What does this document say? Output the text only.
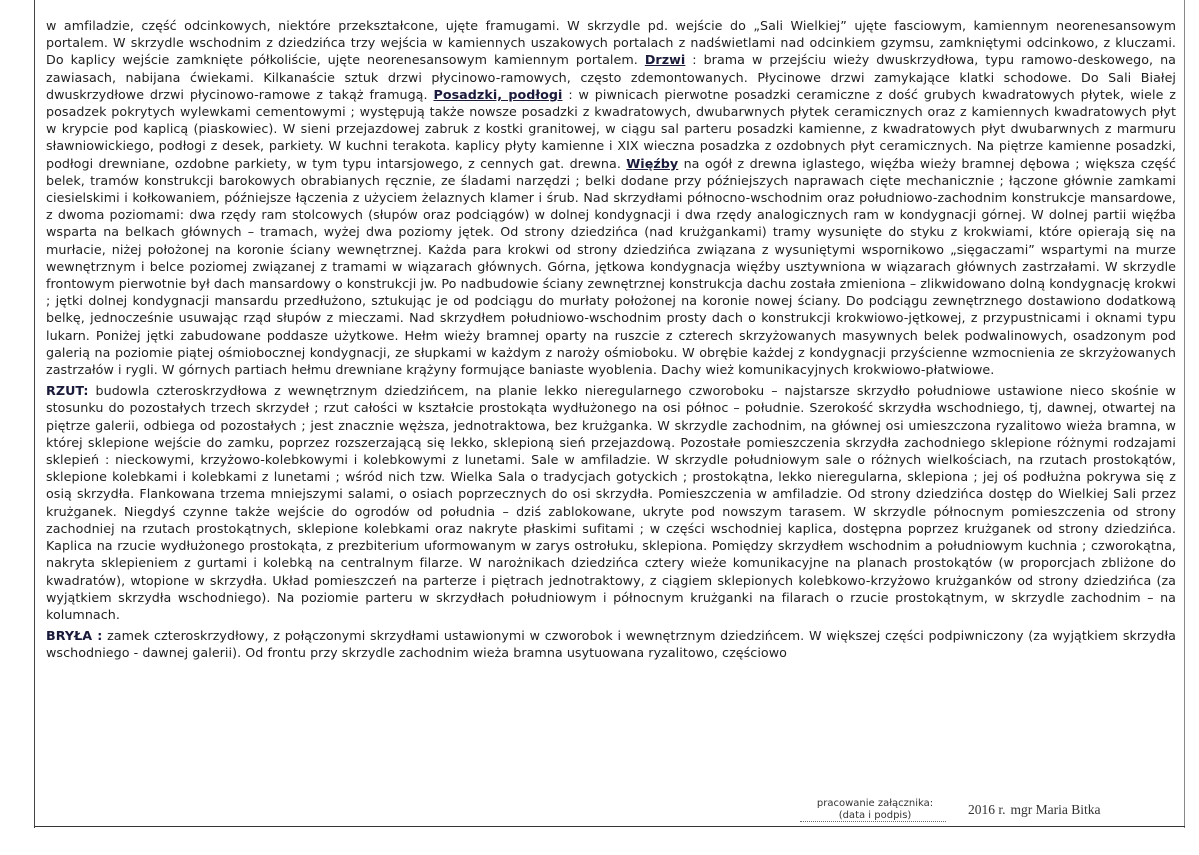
w amfiladzie, część odcinkowych, niektóre przekształcone, ujęte framugami. W skrzydle pd. wejście do „Sali Wielkiej” ujęte fasciowym, kamiennym neorenesansowym portalem. W skrzydle wschodnim z dziedzińca trzy wejścia w kamiennych uszakowych portalach z nadświetlami nad odcinkiem gzymsu, zamkniętymi odcinkowo, z kluczami. Do kaplicy wejście zamknięte półkoliście, ujęte neorenesansowym kamiennym portalem. Drzwi : brama w przejściu wieży dwuskrzydłowa, typu ramowo-deskowego, na zawiasach, nabijana ćwiekami. Kilkanaście sztuk drzwi płycinowo-ramowych, często zdemontowanych. Płycinowe drzwi zamykające klatki schodowe. Do Sali Białej dwuskrzydłowe drzwi płycinowo-ramowe z takąż framugą. Posadzki, podłogi : w piwnicach pierwotne posadzki ceramiczne z dość grubych kwadratowych płytek, wiele z posadzek pokrytych wylewkami cementowymi ; występują także nowsze posadzki z kwadratowych, dwubarwnych płytek ceramicznych oraz z kamiennych kwadratowych płyt w krypcie pod kaplicą (piaskowiec). W sieni przejazdowej zabruk z kostki granitowej, w ciągu sal parteru posadzki kamienne, z kwadratowych płyt dwubarwnych z marmuru sławniowickiego, podłogi z desek, parkiety. W kuchni terakota. kaplicy płyty kamienne i XIX wieczna posadzka z ozdobnych płyt ceramicznych. Na piętrze kamienne posadzki, podłogi drewniane, ozdobne parkiety, w tym typu intarsjowego, z cennych gat. drewna. Więźby na ogół z drewna iglastego, więźba wieży bramnej dębowa ; większa część belek, tramów konstrukcji barokowych obrabianych ręcznie, ze śladami narzędzi ; belki dodane przy późniejszych naprawach cięte mechanicznie ; łączone głównie zamkami ciesielskimi i kołkowaniem, późniejsze łączenia z użyciem żelaznych klamer i śrub. Nad skrzydłami północno-wschodnim oraz południowo-zachodnim konstrukcje mansardowe, z dwoma poziomami: dwa rzędy ram stolcowych (słupów oraz podciągów) w dolnej kondygnacji i dwa rzędy analogicznych ram w kondygnacji górnej. W dolnej partii więźba wsparta na belkach głównych – tramach, wyżej dwa poziomy jętek. Od strony dziedzińca (nad krużgankami) tramy wysunięte do styku z krokwiami, które opierają się na murłacie, niżej położonej na koronie ściany wewnętrznej. Każda para krokwi od strony dziedzińca związana z wysuniętymi wspornikowo „sięgaczami” wspartymi na murze wewnętrznym i belce poziomej związanej z tramami w wiązarach głównych. Górna, jętkowa kondygnacja więźby usztywniona w wiązarach głównych zastrzałami. W skrzydle frontowym pierwotnie był dach mansardowy o konstrukcji jw. Po nadbudowie ściany zewnętrznej konstrukcja dachu została zmieniona – zlikwidowano dolną kondygnację krokwi ; jętki dolnej kondygnacji mansardu przedłużono, sztukując je od podciągu do murłaty położonej na koronie nowej ściany. Do podciągu zewnętrznego dostawiono dodatkową belkę, jednocześnie usuwając rząd słupów z mieczami. Nad skrzydłem południowo-wschodnim prosty dach o konstrukcji krokwiowo-jętkowej, z przypustnicami i oknami typu lukarn. Poniżej jętki zabudowane poddasze użytkowe. Hełm wieży bramnej oparty na ruszcie z czterech skrzyżowanych masywnych belek podwalinowych, osadzonym pod galerią na poziomie piątej ośmiobocznej kondygnacji, ze słupkami w każdym z naroży ośmioboku. W obrębie każdej z kondygnacji przyścienne wzmocnienia ze skrzyżowanych zastrzałów i rygli. W górnych partiach hełmu drewniane krążyny formujące baniaste wyoblenia. Dachy wież komunikacyjnych krokwiowo-płatwiowe.

RZUT: budowla czteroskrzydłowa z wewnętrznym dziedzińcem, na planie lekko nieregularnego czworoboku – najstarsze skrzydło południowe ustawione nieco skośnie w stosunku do pozostałych trzech skrzydeł ; rzut całości w kształcie prostokąta wydłużonego na osi północ – południe. Szerokość skrzydła wschodniego, tj, dawnej, otwartej na piętrze galerii, odbiega od pozostałych ; jest znacznie węższa, jednotraktowa, bez krużganka. W skrzydle zachodnim, na głównej osi umieszczona ryzalitowo wieża bramna, w której sklepione wejście do zamku, poprzez rozszerzającą się lekko, sklepioną sień przejazdową. Pozostałe pomieszczenia skrzydła zachodniego sklepione różnymi rodzajami sklepień : nieckowymi, krzyżowo-kolebkowymi i kolebkowymi z lunetami. Sale w amfiladzie. W skrzydle południowym sale o różnych wielkościach, na rzutach prostokątów, sklepione kolebkami i kolebkami z lunetami ; wśród nich tzw. Wielka Sala o tradycjach gotyckich ; prostokątna, lekko nieregularna, sklepiona ; jej oś podłużna pokrywa się z osią skrzydła. Flankowana trzema mniejszymi salami, o osiach poprzecznych do osi skrzydła. Pomieszczenia w amfiladzie. Od strony dziedzińca dostęp do Wielkiej Sali przez krużganek. Niegdyś czynne także wejście do ogrodów od południa – dziś zablokowane, ukryte pod nowszym tarasem. W skrzydle północnym pomieszczenia od strony zachodniej na rzutach prostokątnych, sklepione kolebkami oraz nakryte płaskimi sufitami ; w części wschodniej kaplica, dostępna poprzez krużganek od strony dziedzińca. Kaplica na rzucie wydłużonego prostokąta, z prezbiterium uformowanym w zarys ostrołuku, sklepiona. Pomiędzy skrzydłem wschodnim a południowym kuchnia ; czworokątna, nakryta sklepieniem z gurtami i kolebką na centralnym filarze. W narożnikach dziedzińca cztery wieże komunikacyjne na planach prostokątów (w proporcjach zbliżone do kwadratów), wtopione w skrzydła. Układ pomieszczeń na parterze i piętrach jednotraktowy, z ciągiem sklepionych kolebkowo-krzyżowo krużganków od strony dziedzińca (za wyjątkiem skrzydła wschodniego). Na poziomie parteru w skrzydłach południowym i północnym krużganki na filarach o rzucie prostokątnym, w skrzydle zachodnim – na kolumnach.

BRYŁA : zamek czteroskrzydłowy, z połączonymi skrzydłami ustawionymi w czworobok i wewnętrznym dziedzińcem. W większej części podpiwniczony (za wyjątkiem skrzydła wschodniego - dawnej galerii). Od frontu przy skrzydle zachodnim wieża bramna usytuowana ryzalitowo, częściowo

pracowanie załącznika:
(data i podpis)	2016 r. mgr Maria Bitka
